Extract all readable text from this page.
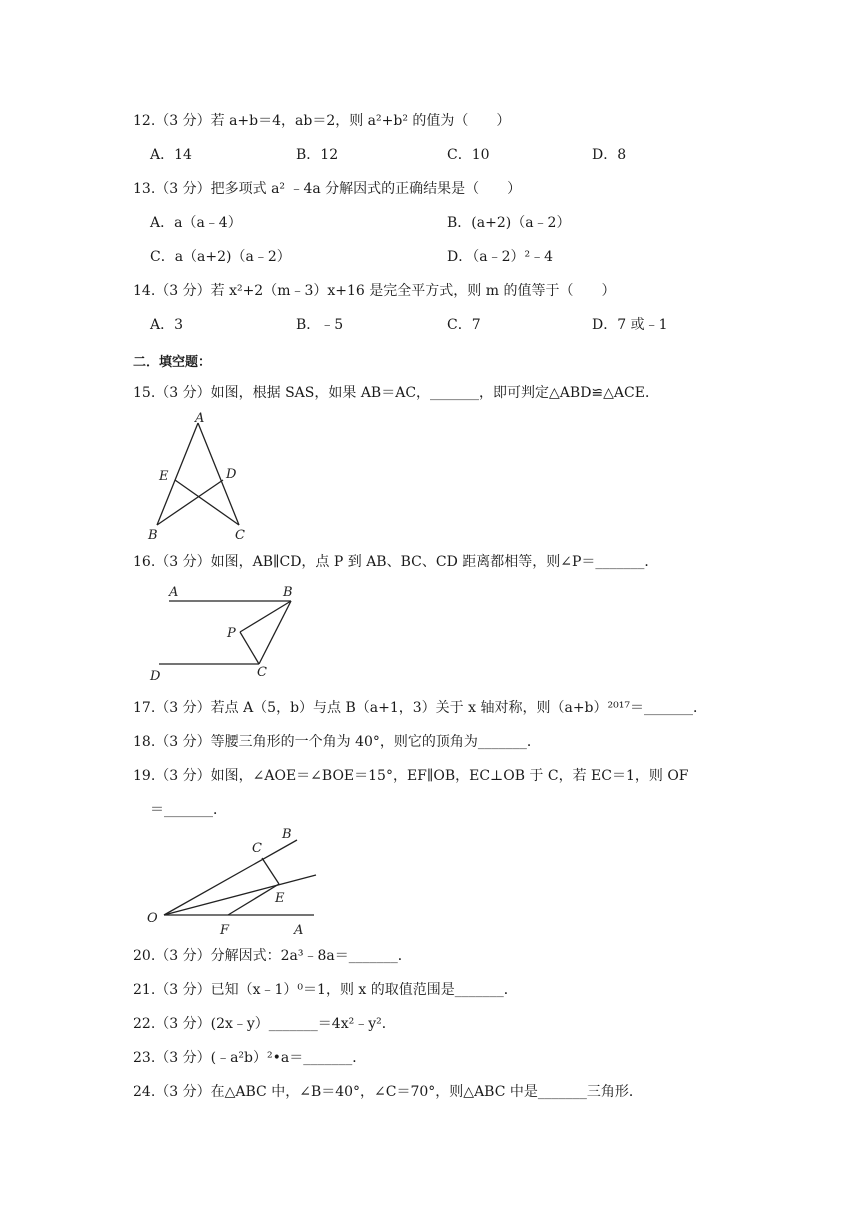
12.（3 分）若 a+b＝4，ab＝2，则 a²+b² 的值为（　　）
A．14	B．12	C．10	D．8
13.（3 分）把多项式 a² ﹣4a 分解因式的正确结果是（　　）
A．a（a﹣4）	B．(a+2)（a﹣2）
C．a（a+2)（a﹣2）	D．（a﹣2）²﹣4
14.（3 分）若 x²+2（m﹣3）x+16 是完全平方式，则 m 的值等于（　　）
A．3	B．﹣5	C．7	D．7 或﹣1
二．填空题：
15.（3 分）如图，根据 SAS，如果 AB＝AC，_______，即可判定△ABD≌△ACE．
A
E	D
B	C
16.（3 分）如图，AB∥CD，点 P 到 AB、BC、CD 距离都相等，则∠P＝_______．
A	B
P
D	C
17.（3 分）若点 A（5，b）与点 B（a+1，3）关于 x 轴对称，则（a+b）²⁰¹⁷＝_______．
18.（3 分）等腰三角形的一个角为 40°，则它的顶角为_______．
19.（3 分）如图，∠AOE＝∠BOE＝15°，EF∥OB，EC⊥OB 于 C，若 EC＝1，则 OF
＝_______．
C
B
E
O
F	A
20.（3 分）分解因式：2a³﹣8a＝_______．
21.（3 分）已知（x﹣1）⁰＝1，则 x 的取值范围是_______．
22.（3 分）(2x﹣y）_______＝4x²﹣y²．
23.（3 分）(﹣a²b）²•a＝_______．
24.（3 分）在△ABC 中，∠B＝40°，∠C＝70°，则△ABC 中是_______三角形．
